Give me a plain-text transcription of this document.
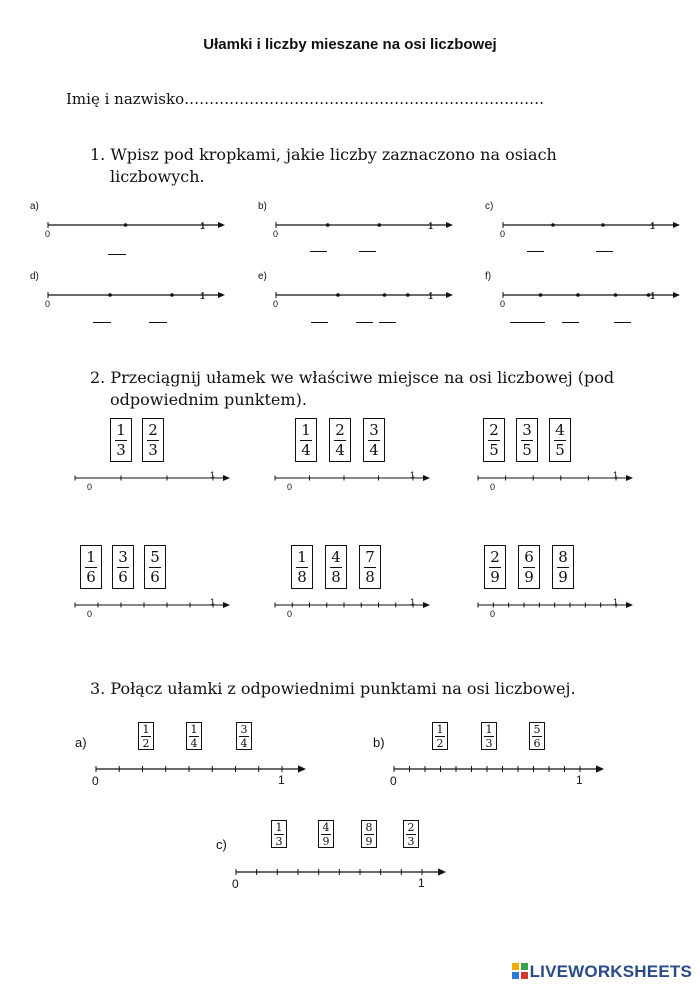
Ułamki i liczby mieszane na osi liczbowej
Imię i nazwisko………………………………………………………………
1. Wpisz pod kropkami, jakie liczby zaznaczono na osiach
liczbowych.
a)
0
1
b)
0
1
c)
0
1
d)
0
1
e)
0
1
f)
0
1
2. Przeciągnij ułamek we właściwe miejsce na osi liczbowej (pod
odpowiednim punktem).
1
3
2
3
0
1
1
4
2
4
3
4
0
1
2
5
3
5
4
5
0
1
1
6
3
6
5
6
0
1
1
8
4
8
7
8
0
1
2
9
6
9
8
9
0
1
3. Połącz ułamki z odpowiednimi punktami na osi liczbowej.
a)
1
2
1
4
3
4
0	1
b)
1
2
1
3
5
6
0	1
c)
1
3
4
9
8
9
2
3
0	1
LIVEWORKSHEETS
